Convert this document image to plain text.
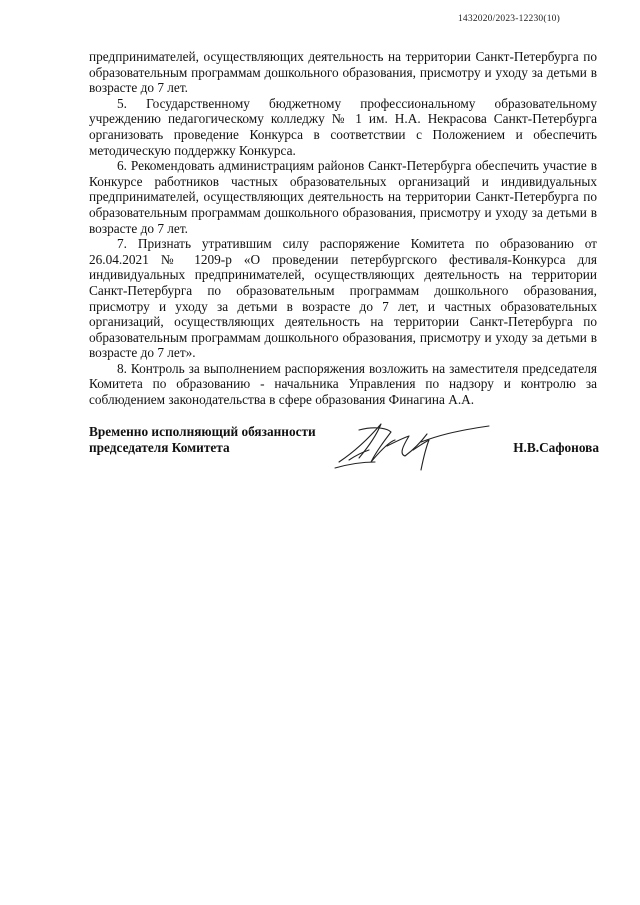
1432020/2023-12230(10)

предпринимателей, осуществляющих деятельность на территории Санкт-Петербурга по образовательным программам дошкольного образования, присмотру и уходу за детьми в возрасте до 7 лет.

5. Государственному бюджетному профессиональному образовательному учреждению педагогическому колледжу № 1 им. Н.А. Некрасова Санкт-Петербурга организовать проведение Конкурса в соответствии с Положением и обеспечить методическую поддержку Конкурса.

6. Рекомендовать администрациям районов Санкт-Петербурга обеспечить участие в Конкурсе работников частных образовательных организаций и индивидуальных предпринимателей, осуществляющих деятельность на территории Санкт-Петербурга по образовательным программам дошкольного образования, присмотру и уходу за детьми в возрасте до 7 лет.

7. Признать утратившим силу распоряжение Комитета по образованию от 26.04.2021 № 1209-р «О проведении петербургского фестиваля-Конкурса для индивидуальных предпринимателей, осуществляющих деятельность на территории Санкт-Петербурга по образовательным программам дошкольного образования, присмотру и уходу за детьми в возрасте до 7 лет, и частных образовательных организаций, осуществляющих деятельность на территории Санкт-Петербурга по образовательным программам дошкольного образования, присмотру и уходу за детьми в возрасте до 7 лет».

8. Контроль за выполнением распоряжения возложить на заместителя председателя Комитета по образованию - начальника Управления по надзору и контролю за соблюдением законодательства в сфере образования Финагина А.А.

Временно исполняющий обязанности
председателя Комитета	Н.В.Сафонова
